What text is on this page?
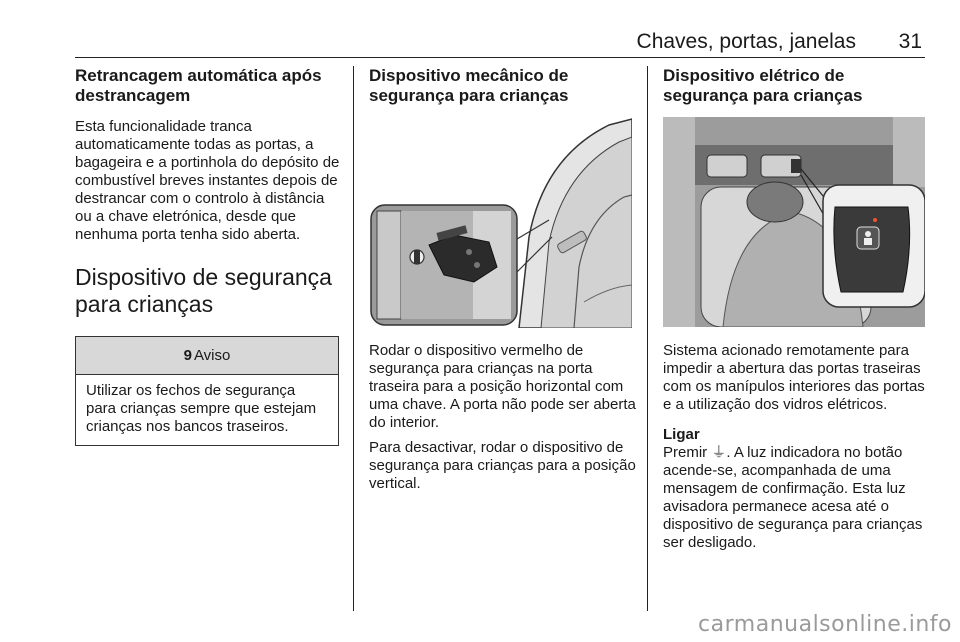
Chaves, portas, janelas	31
Retrancagem automática após destrancagem

Esta funcionalidade tranca automaticamente todas as portas, a bagageira e a portinhola do depósito de combustível breves instantes depois de destrancar com o controlo à distância ou a chave eletrónica, desde que nenhuma porta tenha sido aberta.

Dispositivo de segurança para crianças
9 Aviso
Utilizar os fechos de segurança para crianças sempre que estejam crianças nos bancos traseiros.
Dispositivo mecânico de segurança para crianças

Rodar o dispositivo vermelho de segurança para crianças na porta traseira para a posição horizontal com uma chave. A porta não pode ser aberta do interior.

Para desactivar, rodar o dispositivo de segurança para crianças para a posição vertical.

Dispositivo elétrico de segurança para crianças

Sistema acionado remotamente para impedir a abertura das portas traseiras com os manípulos interiores das portas e a utilização dos vidros elétricos.

Ligar

Premir ⏚. A luz indicadora no botão acende-se, acompanhada de uma mensagem de confirmação. Esta luz avisadora permanece acesa até o dispositivo de segurança para crianças ser desligado.

carmanualsonline.info
